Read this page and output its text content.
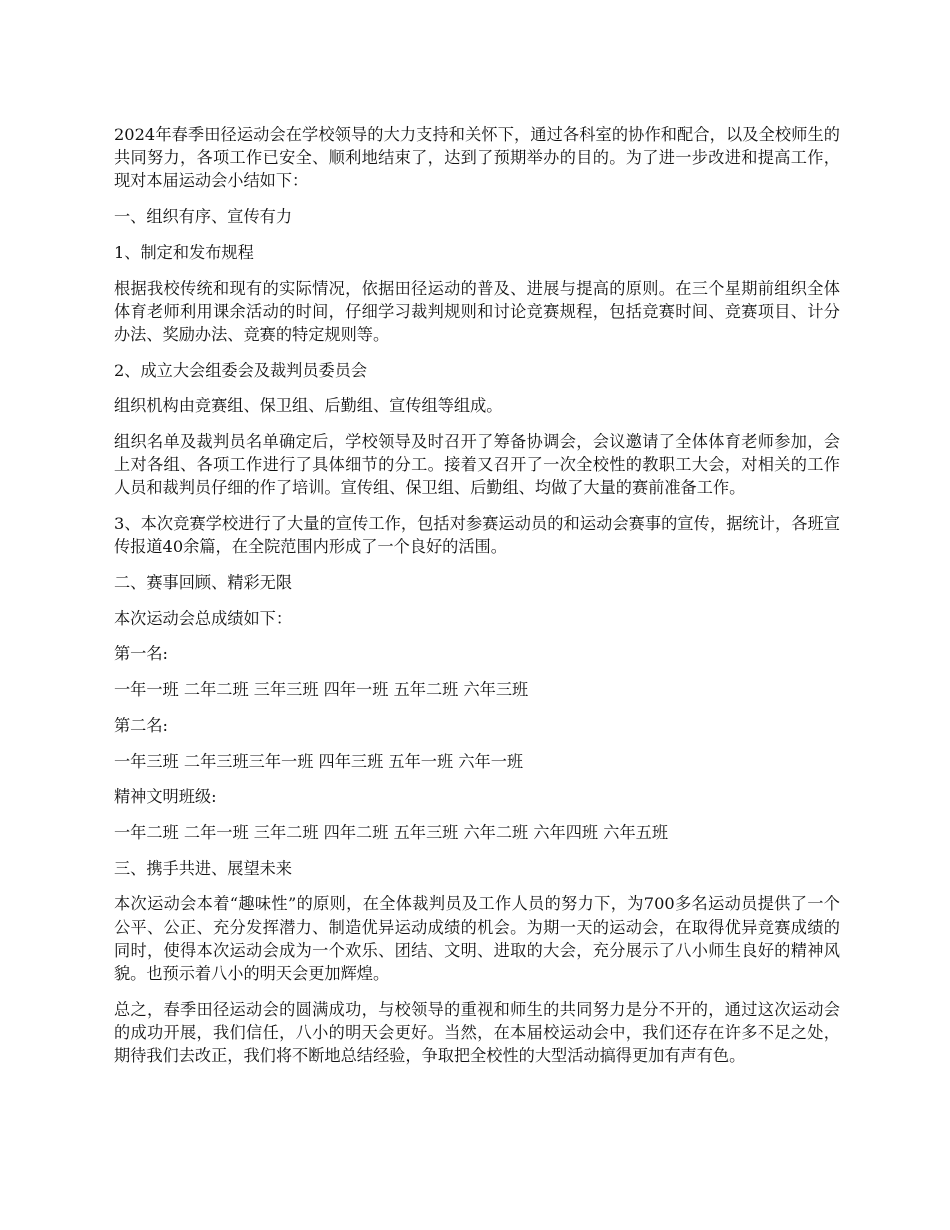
2024年春季田径运动会在学校领导的大力支持和关怀下，通过各科室的协作和配合，以及全校师生的共同努力，各项工作已安全、顺利地结束了，达到了预期举办的目的。为了进一步改进和提高工作，现对本届运动会小结如下：

一、组织有序、宣传有力

1、制定和发布规程

根据我校传统和现有的实际情况，依据田径运动的普及、进展与提高的原则。在三个星期前组织全体体育老师利用课余活动的时间，仔细学习裁判规则和讨论竞赛规程，包括竞赛时间、竞赛项目、计分办法、奖励办法、竞赛的特定规则等。

2、成立大会组委会及裁判员委员会

组织机构由竞赛组、保卫组、后勤组、宣传组等组成。

组织名单及裁判员名单确定后，学校领导及时召开了筹备协调会，会议邀请了全体体育老师参加，会上对各组、各项工作进行了具体细节的分工。接着又召开了一次全校性的教职工大会，对相关的工作人员和裁判员仔细的作了培训。宣传组、保卫组、后勤组、均做了大量的赛前准备工作。

3、本次竞赛学校进行了大量的宣传工作，包括对参赛运动员的和运动会赛事的宣传，据统计，各班宣传报道40余篇，在全院范围内形成了一个良好的活围。

二、赛事回顾、精彩无限

本次运动会总成绩如下：

第一名:

一年一班 二年二班 三年三班 四年一班 五年二班 六年三班

第二名:

一年三班 二年三班三年一班 四年三班 五年一班 六年一班

精神文明班级:

一年二班 二年一班 三年二班 四年二班 五年三班 六年二班 六年四班 六年五班

三、携手共进、展望未来

本次运动会本着“趣味性”的原则，在全体裁判员及工作人员的努力下，为700多名运动员提供了一个公平、公正、充分发挥潜力、制造优异运动成绩的机会。为期一天的运动会，在取得优异竞赛成绩的同时，使得本次运动会成为一个欢乐、团结、文明、进取的大会，充分展示了八小师生良好的精神风貌。也预示着八小的明天会更加辉煌。

总之，春季田径运动会的圆满成功，与校领导的重视和师生的共同努力是分不开的，通过这次运动会的成功开展，我们信任，八小的明天会更好。当然，在本届校运动会中，我们还存在许多不足之处，期待我们去改正，我们将不断地总结经验，争取把全校性的大型活动搞得更加有声有色。
